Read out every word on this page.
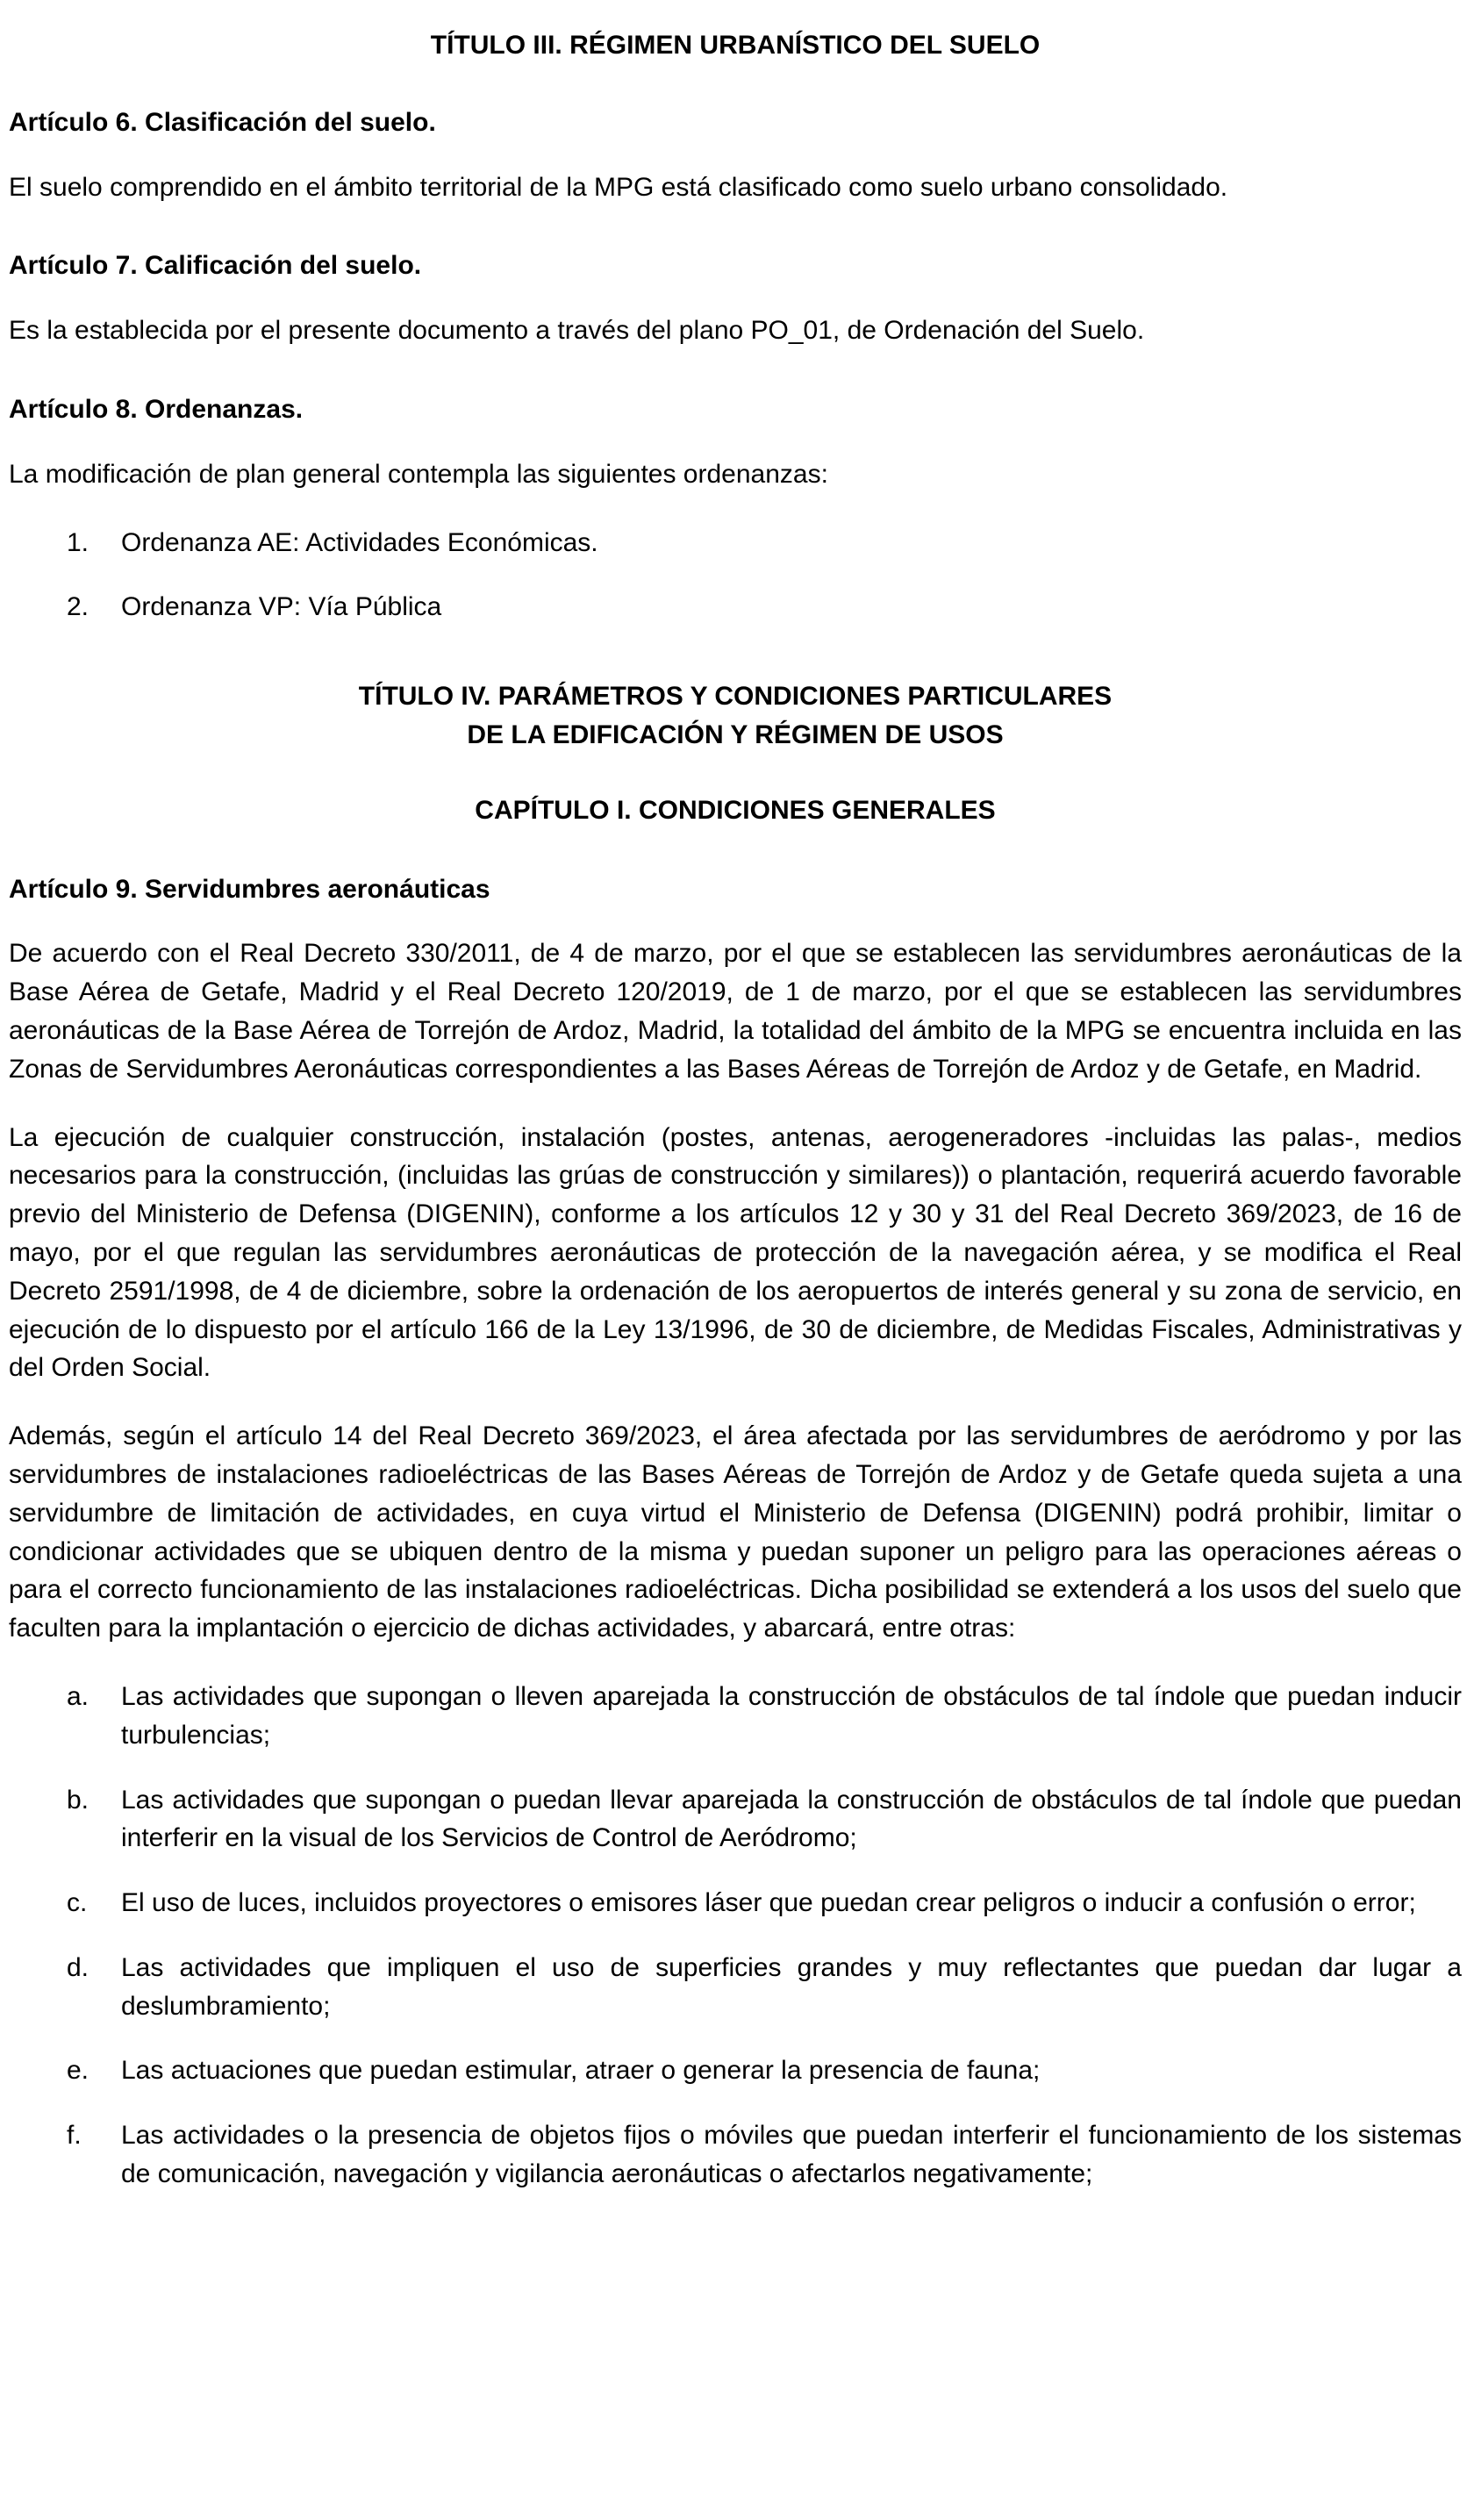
TÍTULO III. RÉGIMEN URBANÍSTICO DEL SUELO
Artículo 6. Clasificación del suelo.

El suelo comprendido en el ámbito territorial de la MPG está clasificado como suelo urbano consolidado.

Artículo 7. Calificación del suelo.

Es la establecida por el presente documento a través del plano PO_01, de Ordenación del Suelo.

Artículo 8. Ordenanzas.

La modificación de plan general contempla las siguientes ordenanzas:

1.	Ordenanza AE: Actividades Económicas.
2.	Ordenanza VP: Vía Pública
TÍTULO IV. PARÁMETROS Y CONDICIONES PARTICULARES
DE LA EDIFICACIÓN Y RÉGIMEN DE USOS
CAPÍTULO I. CONDICIONES GENERALES
Artículo 9. Servidumbres aeronáuticas

De acuerdo con el Real Decreto 330/2011, de 4 de marzo, por el que se establecen las servidumbres aeronáuticas de la Base Aérea de Getafe, Madrid y el Real Decreto 120/2019, de 1 de marzo, por el que se establecen las servidumbres aeronáuticas de la Base Aérea de Torrejón de Ardoz, Madrid, la totalidad del ámbito de la MPG se encuentra incluida en las Zonas de Servidumbres Aeronáuticas correspondientes a las Bases Aéreas de Torrejón de Ardoz y de Getafe, en Madrid.

La ejecución de cualquier construcción, instalación (postes, antenas, aerogeneradores -incluidas las palas-, medios necesarios para la construcción, (incluidas las grúas de construcción y similares)) o plantación, requerirá acuerdo favorable previo del Ministerio de Defensa (DIGENIN), conforme a los artículos 12 y 30 y 31 del Real Decreto 369/2023, de 16 de mayo, por el que regulan las servidumbres aeronáuticas de protección de la navegación aérea, y se modifica el Real Decreto 2591/1998, de 4 de diciembre, sobre la ordenación de los aeropuertos de interés general y su zona de servicio, en ejecución de lo dispuesto por el artículo 166 de la Ley 13/1996, de 30 de diciembre, de Medidas Fiscales, Administrativas y del Orden Social.

Además, según el artículo 14 del Real Decreto 369/2023, el área afectada por las servidumbres de aeródromo y por las servidumbres de instalaciones radioeléctricas de las Bases Aéreas de Torrejón de Ardoz y de Getafe queda sujeta a una servidumbre de limitación de actividades, en cuya virtud el Ministerio de Defensa (DIGENIN) podrá prohibir, limitar o condicionar actividades que se ubiquen dentro de la misma y puedan suponer un peligro para las operaciones aéreas o para el correcto funcionamiento de las instalaciones radioeléctricas. Dicha posibilidad se extenderá a los usos del suelo que faculten para la implantación o ejercicio de dichas actividades, y abarcará, entre otras:

a.	Las actividades que supongan o lleven aparejada la construcción de obstáculos de tal índole que puedan inducir turbulencias;
b.	Las actividades que supongan o puedan llevar aparejada la construcción de obstáculos de tal índole que puedan interferir en la visual de los Servicios de Control de Aeródromo;
c.	El uso de luces, incluidos proyectores o emisores láser que puedan crear peligros o inducir a confusión o error;
d.	Las actividades que impliquen el uso de superficies grandes y muy reflectantes que puedan dar lugar a deslumbramiento;
e.	Las actuaciones que puedan estimular, atraer o generar la presencia de fauna;
f.	Las actividades o la presencia de objetos fijos o móviles que puedan interferir el funcionamiento de los sistemas de comunicación, navegación y vigilancia aeronáuticas o afectarlos negativamente;
